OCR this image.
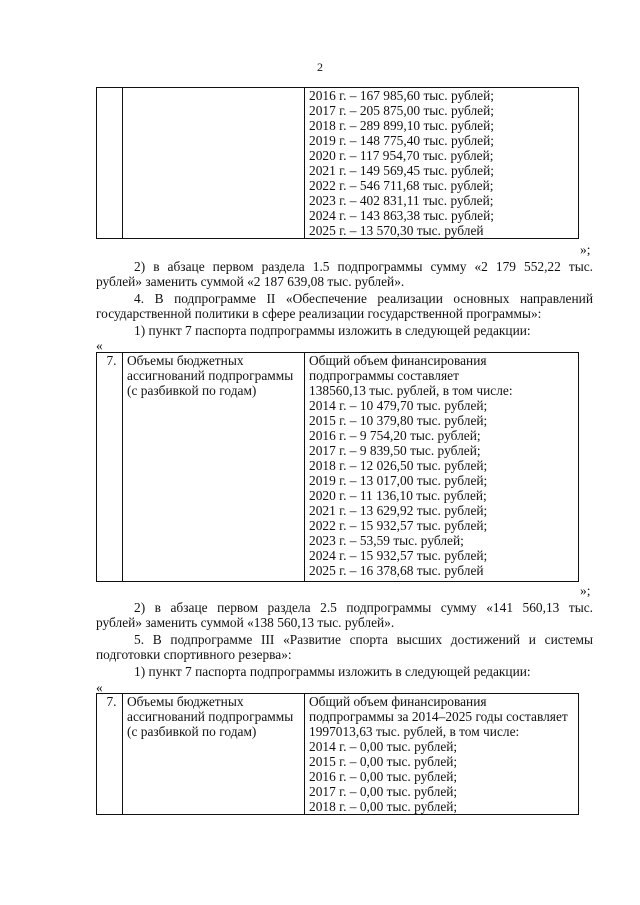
2

2016 г. – 167 985,60 тыс. рублей;
2017 г. – 205 875,00 тыс. рублей;
2018 г. – 289 899,10 тыс. рублей;
2019 г. – 148 775,40 тыс. рублей;
2020 г. – 117 954,70 тыс. рублей;
2021 г. – 149 569,45 тыс. рублей;
2022 г. – 546 711,68 тыс. рублей;
2023 г. – 402 831,11 тыс. рублей;
2024 г. – 143 863,38 тыс. рублей;
2025 г. – 13 570,30 тыс. рублей
»;
2) в абзаце первом раздела 1.5 подпрограммы сумму «2 179 552,22 тыс.
рублей» заменить суммой «2 187 639,08 тыс. рублей».
4. В подпрограмме II «Обеспечение реализации основных направлений
государственной политики в сфере реализации государственной программы»:
1) пункт 7 паспорта подпрограммы изложить в следующей редакции:
«
7.	Объемы бюджетных
ассигнований подпрограммы
(с разбивкой по годам)

Общий объем финансирования
подпрограммы составляет
138560,13 тыс. рублей, в том числе:
2014 г. – 10 479,70 тыс. рублей;
2015 г. – 10 379,80 тыс. рублей;
2016 г. – 9 754,20 тыс. рублей;
2017 г. – 9 839,50 тыс. рублей;
2018 г. – 12 026,50 тыс. рублей;
2019 г. – 13 017,00 тыс. рублей;
2020 г. – 11 136,10 тыс. рублей;
2021 г. – 13 629,92 тыс. рублей;
2022 г. – 15 932,57 тыс. рублей;
2023 г. – 53,59 тыс. рублей;
2024 г. – 15 932,57 тыс. рублей;
2025 г. – 16 378,68 тыс. рублей
»;
2) в абзаце первом раздела 2.5 подпрограммы сумму «141 560,13 тыс.
рублей» заменить суммой «138 560,13 тыс. рублей».
5. В подпрограмме III «Развитие спорта высших достижений и системы
подготовки спортивного резерва»:
1) пункт 7 паспорта подпрограммы изложить в следующей редакции:
«
7.	Объемы бюджетных
ассигнований подпрограммы
(с разбивкой по годам)

Общий объем финансирования
подпрограммы за 2014–2025 годы составляет
1997013,63 тыс. рублей, в том числе:
2014 г. – 0,00 тыс. рублей;
2015 г. – 0,00 тыс. рублей;
2016 г. – 0,00 тыс. рублей;
2017 г. – 0,00 тыс. рублей;
2018 г. – 0,00 тыс. рублей;
